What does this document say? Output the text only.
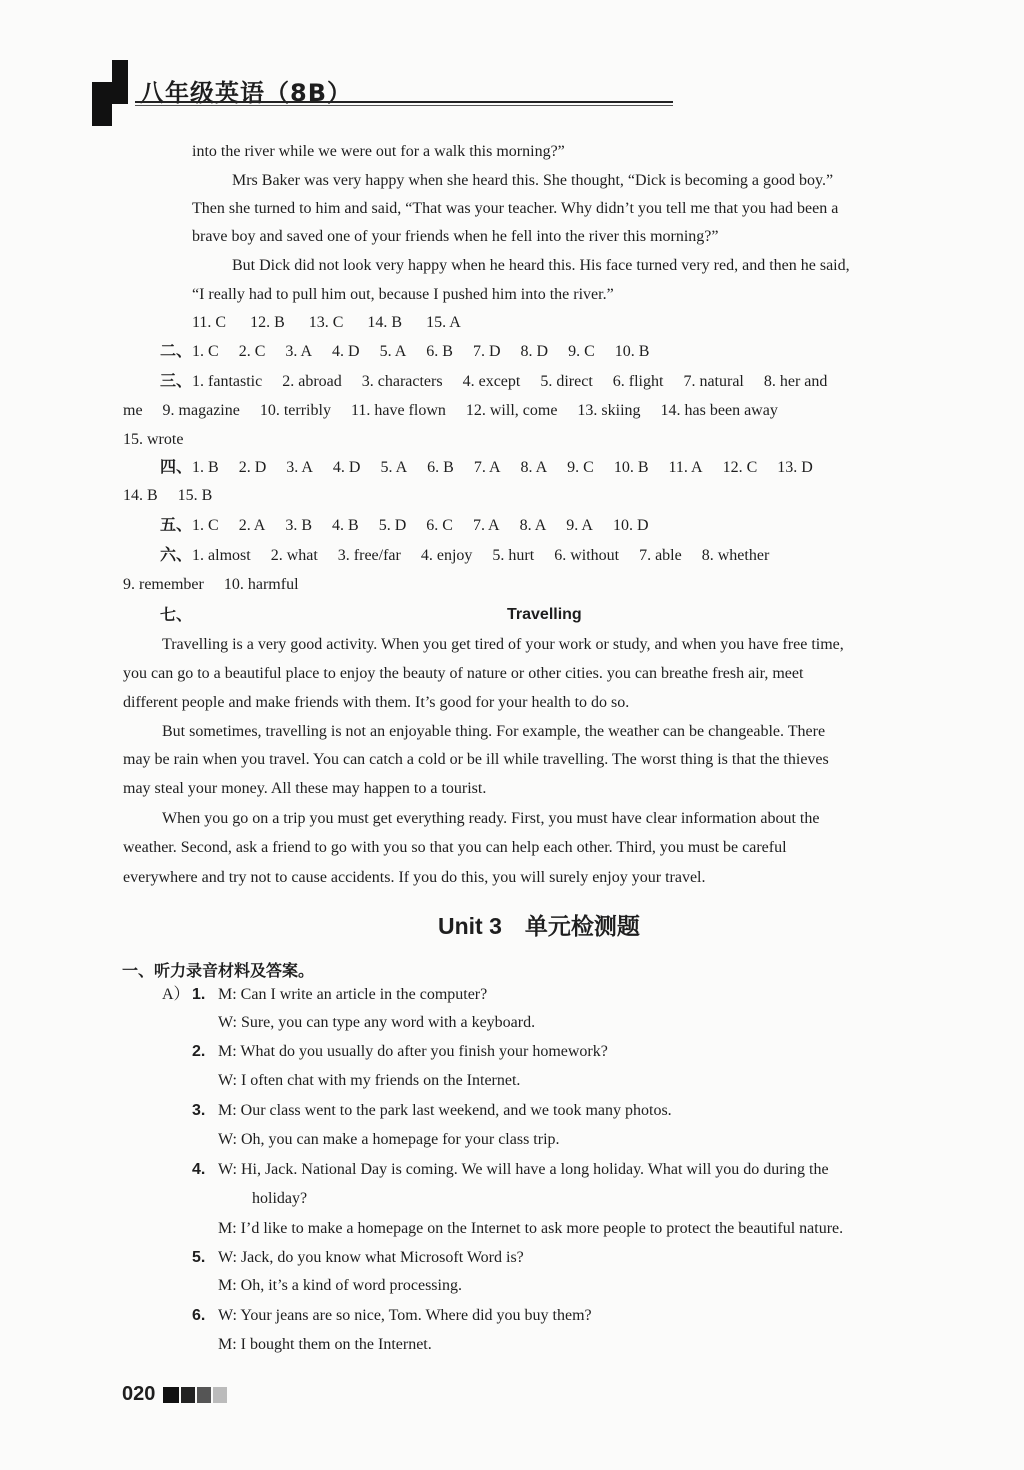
八年级英语（8B）
into the river while we were out for a walk this morning?”
Mrs Baker was very happy when she heard this. She thought, “Dick is becoming a good boy.”
Then she turned to him and said, “That was your teacher. Why didn’t you tell me that you had been a
brave boy and saved one of your friends when he fell into the river this morning?”
But Dick did not look very happy when he heard this. His face turned very red, and then he said,
“I really had to pull him out, because I pushed him into the river.”
11. C 12. B 13. C 14. B 15. A
二、1. C 2. C 3. A 4. D 5. A 6. B 7. D 8. D 9. C 10. B
三、1. fantastic 2. abroad 3. characters 4. except 5. direct 6. flight 7. natural 8. her and
me 9. magazine 10. terribly 11. have flown 12. will, come 13. skiing 14. has been away
15. wrote
四、1. B 2. D 3. A 4. D 5. A 6. B 7. A 8. A 9. C 10. B 11. A 12. C 13. D
14. B 15. B
五、1. C 2. A 3. B 4. B 5. D 6. C 7. A 8. A 9. A 10. D
六、1. almost 2. what 3. free/far 4. enjoy 5. hurt 6. without 7. able 8. whether
9. remember 10. harmful
七、	Travelling
Travelling is a very good activity. When you get tired of your work or study, and when you have free time,
you can go to a beautiful place to enjoy the beauty of nature or other cities. you can breathe fresh air, meet
different people and make friends with them. It’s good for your health to do so.
But sometimes, travelling is not an enjoyable thing. For example, the weather can be changeable. There
may be rain when you travel. You can catch a cold or be ill while travelling. The worst thing is that the thieves
may steal your money. All these may happen to a tourist.
When you go on a trip you must get everything ready. First, you must have clear information about the
weather. Second, ask a friend to go with you so that you can help each other. Third, you must be careful
everywhere and try not to cause accidents. If you do this, you will surely enjoy your travel.
Unit 3　单元检测题
一、听力录音材料及答案。
A） 1. M: Can I write an article in the computer?
W: Sure, you can type any word with a keyboard.
2. M: What do you usually do after you finish your homework?
W: I often chat with my friends on the Internet.
3. M: Our class went to the park last weekend, and we took many photos.
W: Oh, you can make a homepage for your class trip.
4. W: Hi, Jack. National Day is coming. We will have a long holiday. What will you do during the
holiday?
M: I’d like to make a homepage on the Internet to ask more people to protect the beautiful nature.
5. W: Jack, do you know what Microsoft Word is?
M: Oh, it’s a kind of word processing.
6. W: Your jeans are so nice, Tom. Where did you buy them?
M: I bought them on the Internet.
020
